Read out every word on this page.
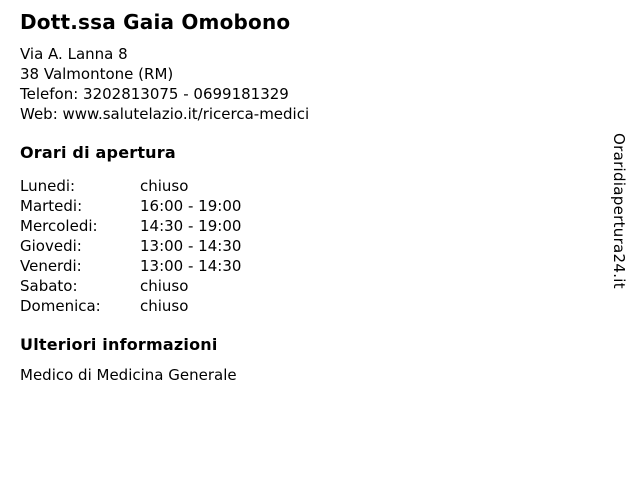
Dott.ssa Gaia Omobono
Via A. Lanna 8
38 Valmontone (RM)
Telefon: 3202813075 - 0699181329
Web: www.salutelazio.it/ricerca-medici
Orari di apertura
Lunedi:	chiuso
Martedi:	16:00 - 19:00
Mercoledi:	14:30 - 19:00
Giovedi:	13:00 - 14:30
Venerdi:	13:00 - 14:30
Sabato:	chiuso
Domenica:	chiuso
Ulteriori informazioni
Medico di Medicina Generale
Oraridiapertura24.it
